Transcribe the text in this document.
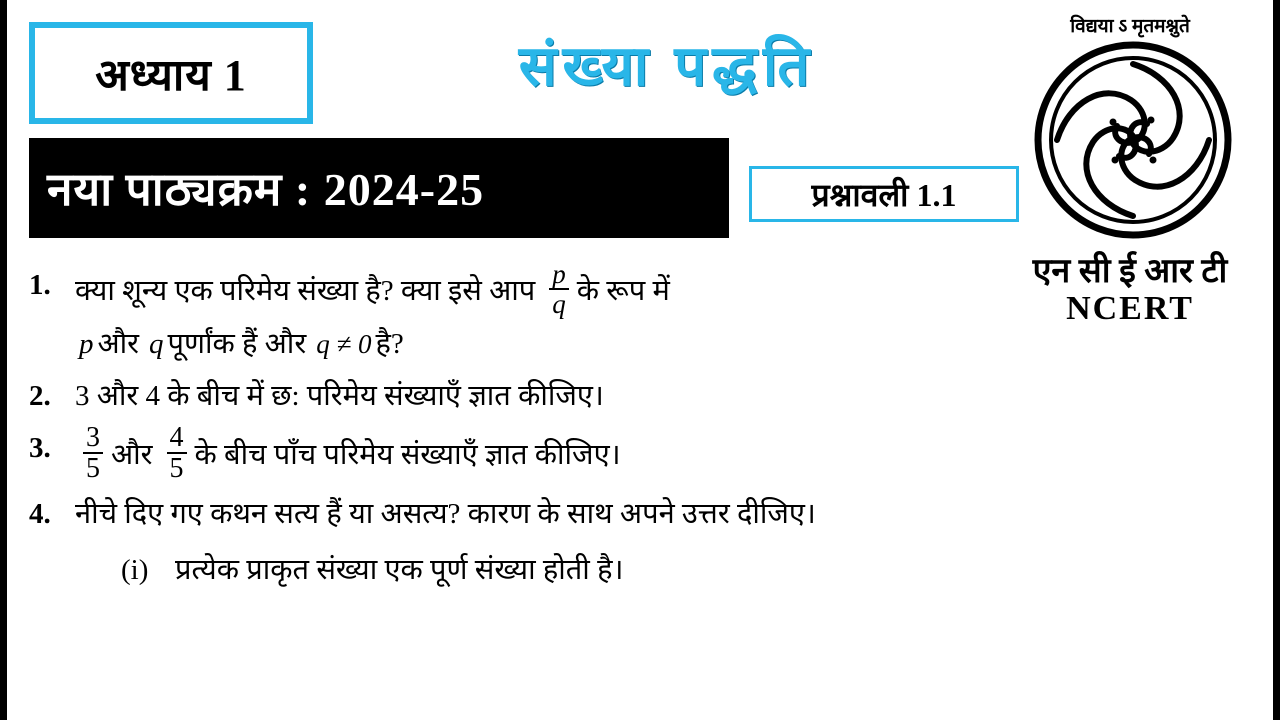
अध्याय 1	संख्या पद्धति
नया पाठ्यक्रम : 2024-25	प्रश्नावली 1.1
विद्यया ऽ मृतमश्नुते
एन सी ई आर टी
NCERT
1. क्या शून्य एक परिमेय संख्या है? क्या इसे आप $\frac{p}{q}$ के रूप में
p और q पूर्णांक हैं और q ≠ 0 है?
2. 3 और 4 के बीच में छ: परिमेय संख्याएँ ज्ञात कीजिए।
3.	$\frac{3}{5}$ और $\frac{4}{5}$ के बीच पाँच परिमेय संख्याएँ ज्ञात कीजिए।
4. नीचे दिए गए कथन सत्य हैं या असत्य? कारण के साथ अपने उत्तर दीजिए।
(i) प्रत्येक प्राकृत संख्या एक पूर्ण संख्या होती है।
